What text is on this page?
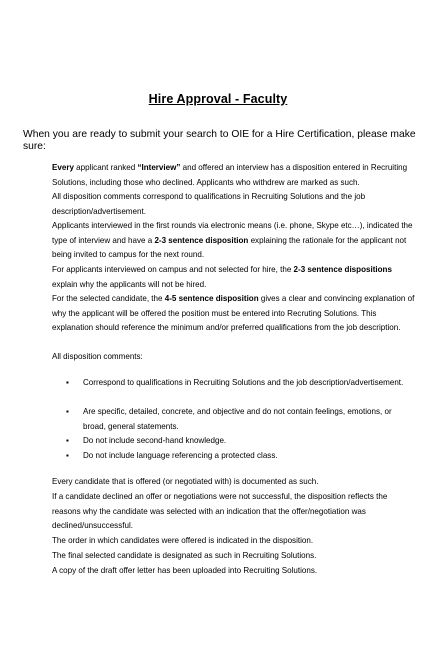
Hire Approval - Faculty
When you are ready to submit your search to OIE for a Hire Certification, please make sure:
Every applicant ranked “Interview” and offered an interview has a disposition entered in Recruiting Solutions, including those who declined. Applicants who withdrew are marked as such.
All disposition comments correspond to qualifications in Recruiting Solutions and the job description/advertisement.
Applicants interviewed in the first rounds via electronic means (i.e. phone, Skype etc…), indicated the type of interview and have a 2-3 sentence disposition explaining the rationale for the applicant not being invited to campus for the next round.
For applicants interviewed on campus and not selected for hire, the 2-3 sentence dispositions explain why the applicants will not be hired.
For the selected candidate, the 4-5 sentence disposition gives a clear and convincing explanation of why the applicant will be offered the position must be entered into Recruting Solutions. This explanation should reference the minimum and/or preferred qualifications from the job description.
All disposition comments:
▪	Correspond to qualifications in Recruiting Solutions and the job description/advertisement.
▪	Are specific, detailed, concrete, and objective and do not contain feelings, emotions, or broad, general statements.
▪	Do not include second-hand knowledge.
▪	Do not include language referencing a protected class.
Every candidate that is offered (or negotiated with) is documented as such.
If a candidate declined an offer or negotiations were not successful, the disposition reflects the reasons why the candidate was selected with an indication that the offer/negotiation was declined/unsuccessful.
The order in which candidates were offered is indicated in the disposition.
The final selected candidate is designated as such in Recruiting Solutions.
A copy of the draft offer letter has been uploaded into Recruiting Solutions.
